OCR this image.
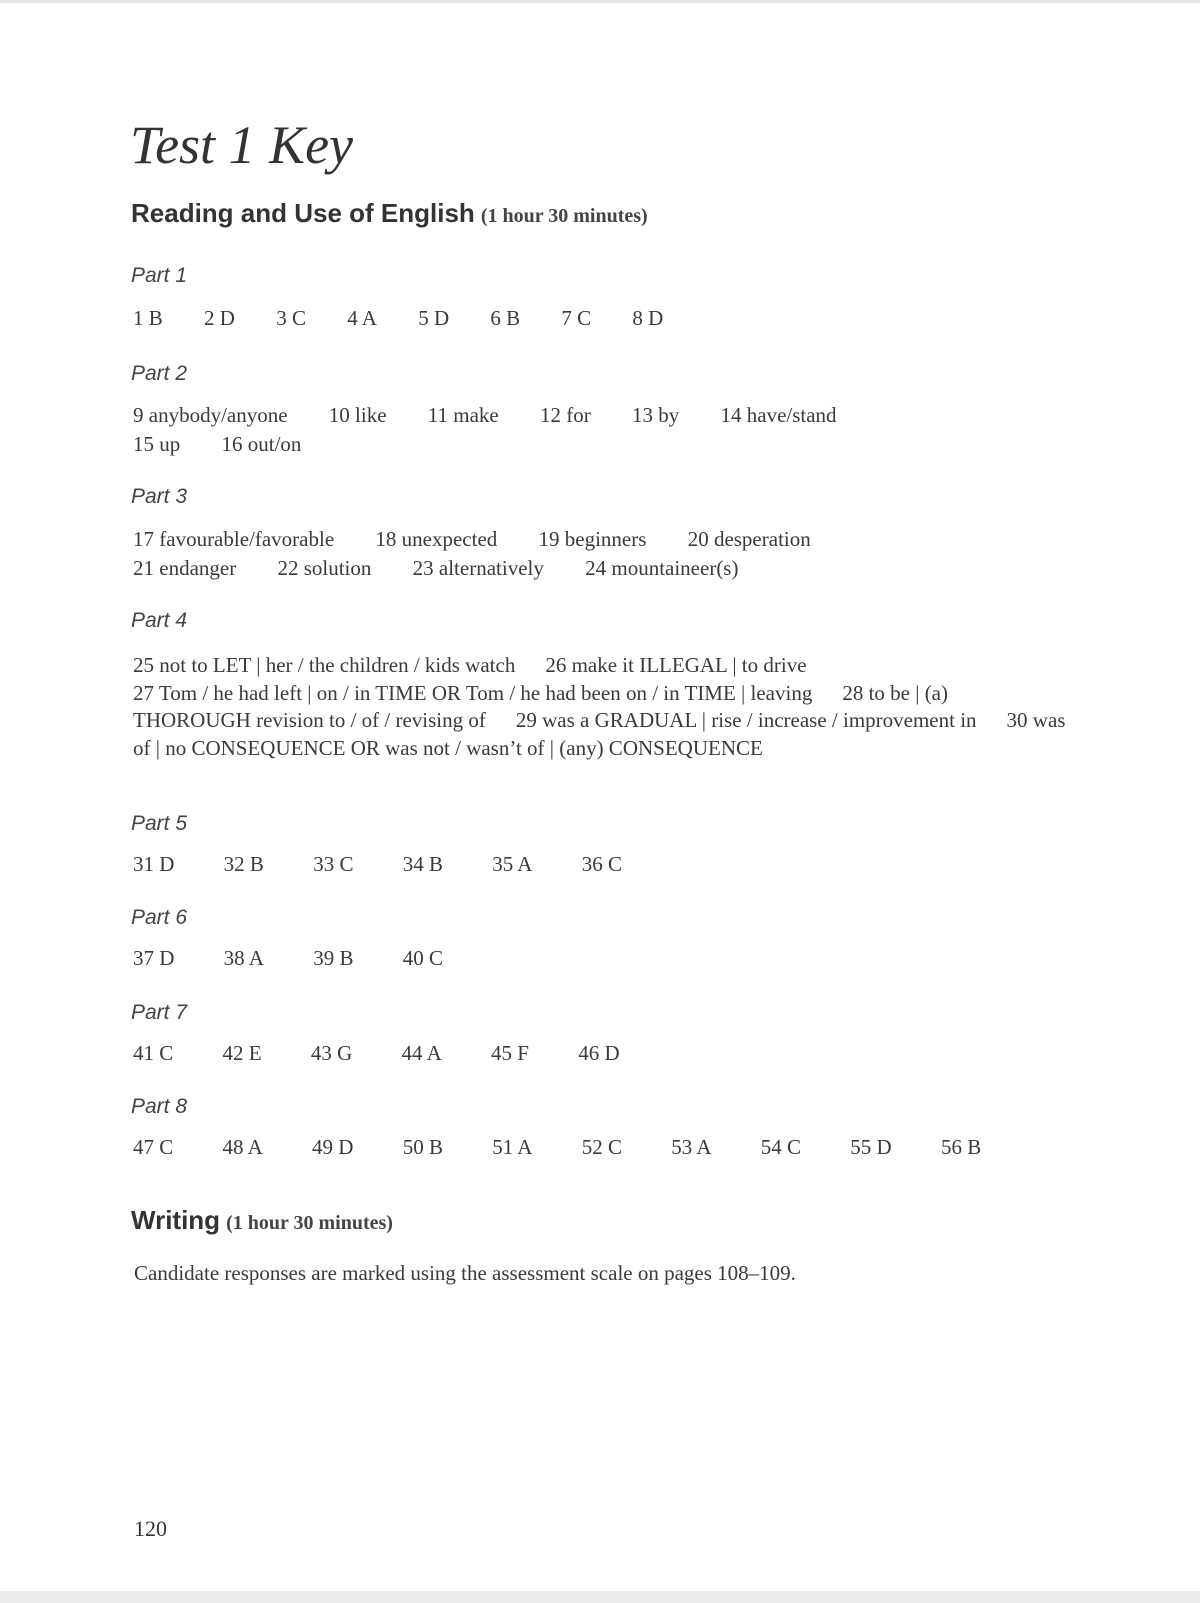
Test 1 Key
Reading and Use of English (1 hour 30 minutes)
Part 1
1 B 2 D 3 C 4 A 5 D 6 B 7 C 8 D
Part 2
9 anybody/anyone 10 like 11 make 12 for 13 by 14 have/stand
15 up 16 out/on
Part 3
17 favourable/favorable 18 unexpected 19 beginners 20 desperation
21 endanger 22 solution 23 alternatively 24 mountaineer(s)
Part 4

25 not to LET | her / the children / kids watch 26 make it ILLEGAL | to drive
27 Tom / he had left | on / in TIME OR Tom / he had been on / in TIME | leaving 28 to be | (a) THOROUGH revision to / of / revising of 29 was a GRADUAL | rise / increase / improvement in 30 was of | no CONSEQUENCE OR was not / wasn’t of | (any) CONSEQUENCE

Part 5
31 D 32 B 33 C 34 B 35 A 36 C
Part 6
37 D 38 A 39 B 40 C
Part 7
41 C 42 E 43 G 44 A 45 F 46 D
Part 8
47 C 48 A 49 D 50 B 51 A 52 C 53 A 54 C 55 D 56 B
Writing (1 hour 30 minutes)

Candidate responses are marked using the assessment scale on pages 108–109.

120
